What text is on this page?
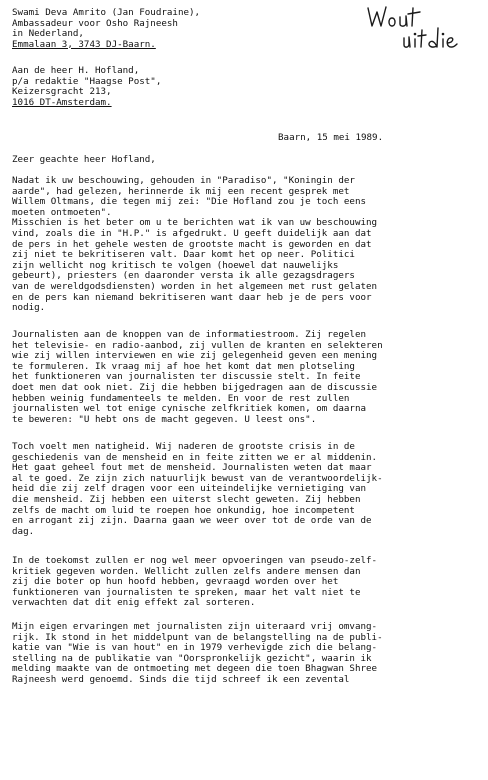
Swami Deva Amrito (Jan Foudraine),
Ambassadeur voor Osho Rajneesh
in Nederland,
Emmalaan 3, 3743 DJ-Baarn.
Aan de heer H. Hofland,
p/a redaktie "Haagse Post",
Keizersgracht 213,
1016 DT-Amsterdam.
Baarn, 15 mei 1989.
Zeer geachte heer Hofland,
Nadat ik uw beschouwing, gehouden in "Paradiso", "Koningin der
aarde", had gelezen, herinnerde ik mij een recent gesprek met
Willem Oltmans, die tegen mij zei: "Die Hofland zou je toch eens
moeten ontmoeten".
Misschien is het beter om u te berichten wat ik van uw beschouwing
vind, zoals die in "H.P." is afgedrukt. U geeft duidelijk aan dat
de pers in het gehele westen de grootste macht is geworden en dat
zij niet te bekritiseren valt. Daar komt het op neer. Politici
zijn wellicht nog kritisch te volgen (hoewel dat nauwelijks
gebeurt), priesters (en daaronder versta ik alle gezagsdragers
van de wereldgodsdiensten) worden in het algemeen met rust gelaten
en de pers kan niemand bekritiseren want daar heb je de pers voor
nodig.
Journalisten aan de knoppen van de informatiestroom. Zij regelen
het televisie- en radio-aanbod, zij vullen de kranten en selekteren
wie zij willen interviewen en wie zij gelegenheid geven een mening
te formuleren. Ik vraag mij af hoe het komt dat men plotseling
het funktioneren van journalisten ter discussie stelt. In feite
doet men dat ook niet. Zij die hebben bijgedragen aan de discussie
hebben weinig fundamenteels te melden. En voor de rest zullen
journalisten wel tot enige cynische zelfkritiek komen, om daarna
te beweren: "U hebt ons de macht gegeven. U leest ons".
Toch voelt men natigheid. Wij naderen de grootste crisis in de
geschiedenis van de mensheid en in feite zitten we er al middenin.
Het gaat geheel fout met de mensheid. Journalisten weten dat maar
al te goed. Ze zijn zich natuurlijk bewust van de verantwoordelijk-
heid die zij zelf dragen voor een uiteindelijke vernietiging van
die mensheid. Zij hebben een uiterst slecht geweten. Zij hebben
zelfs de macht om luid te roepen hoe onkundig, hoe incompetent
en arrogant zij zijn. Daarna gaan we weer over tot de orde van de
dag.
In de toekomst zullen er nog wel meer opvoeringen van pseudo-zelf-
kritiek gegeven worden. Wellicht zullen zelfs andere mensen dan
zij die boter op hun hoofd hebben, gevraagd worden over het
funktioneren van journalisten te spreken, maar het valt niet te
verwachten dat dit enig effekt zal sorteren.
Mijn eigen ervaringen met journalisten zijn uiteraard vrij omvang-
rijk. Ik stond in het middelpunt van de belangstelling na de publi-
katie van "Wie is van hout" en in 1979 verhevigde zich die belang-
stelling na de publikatie van "Oorspronkelijk gezicht", waarin ik
melding maakte van de ontmoeting met degeen die toen Bhagwan Shree
Rajneesh werd genoemd. Sinds die tijd schreef ik een zevental
